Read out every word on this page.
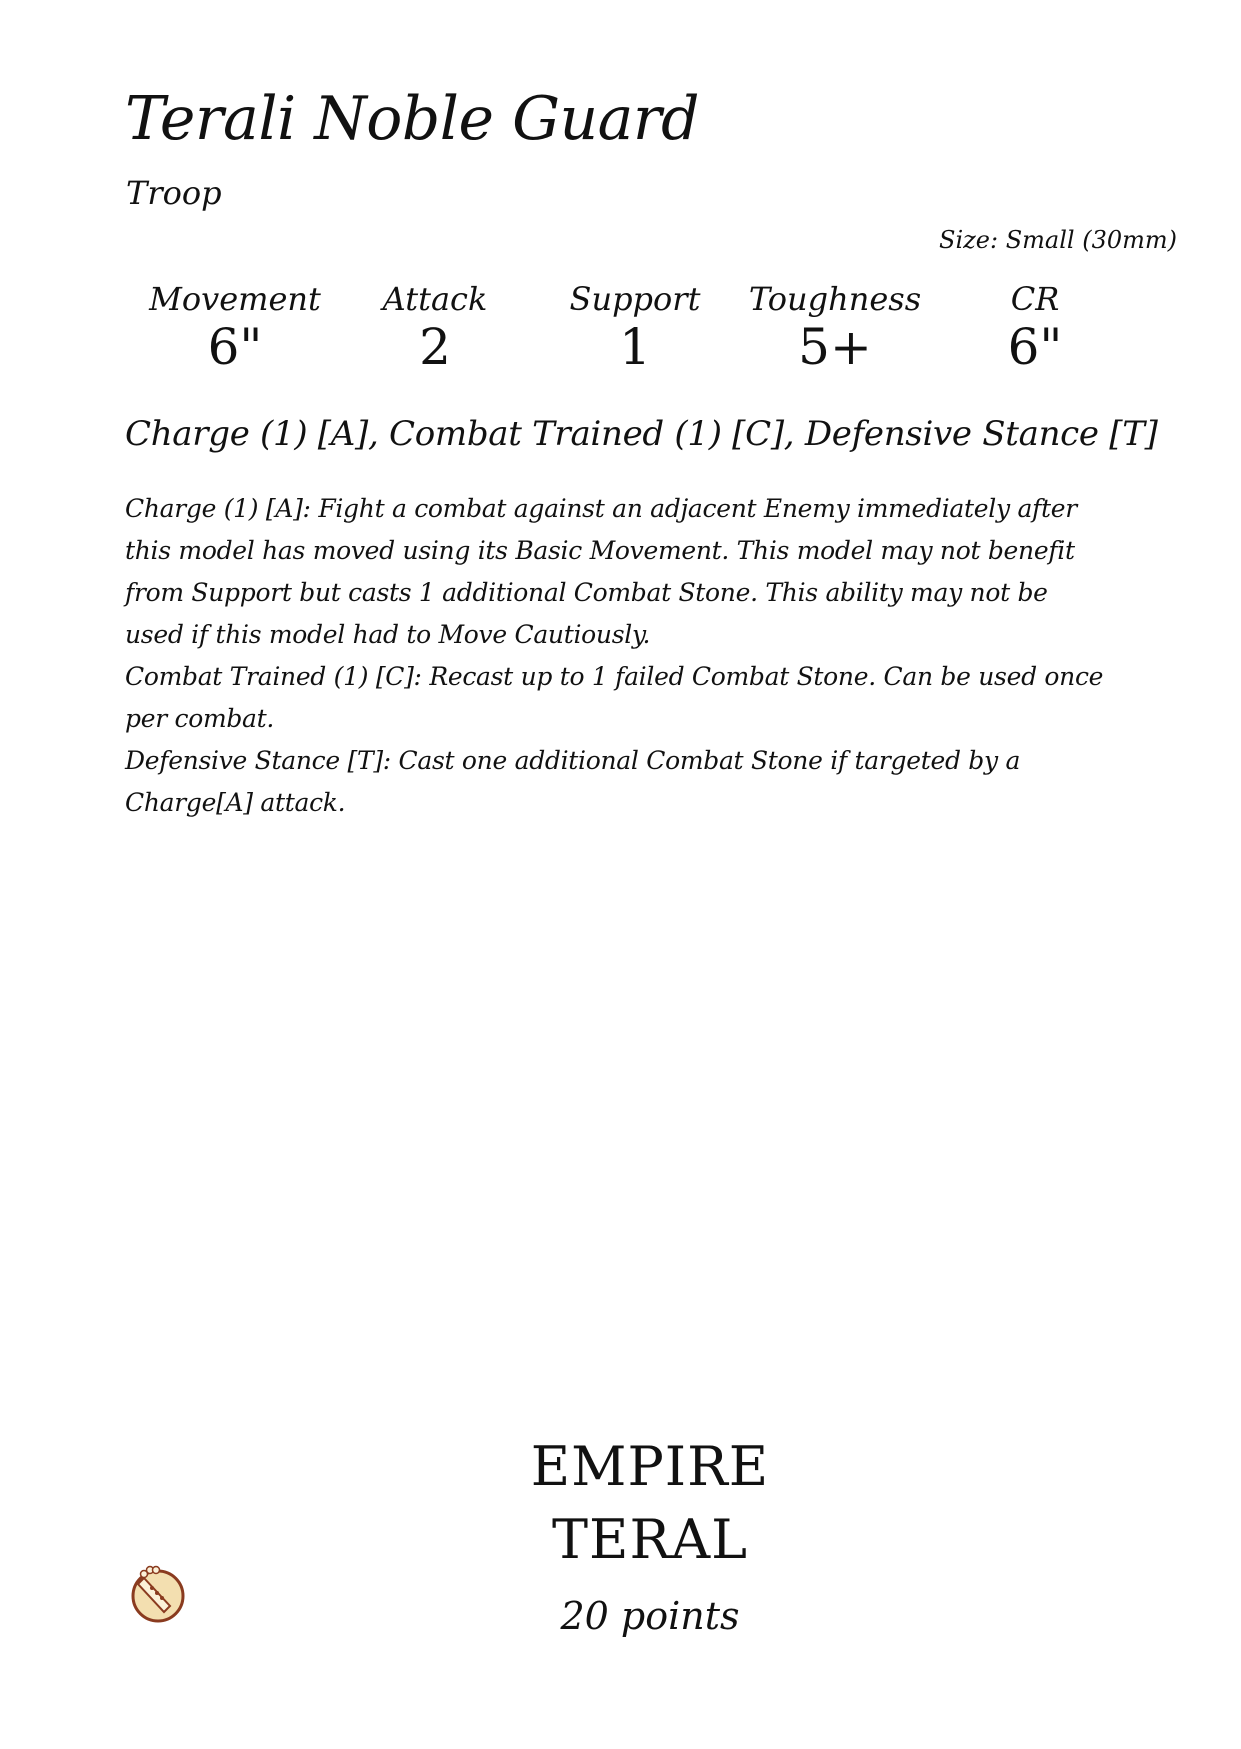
Terali Noble Guard
Troop
Size: Small (30mm)
Movement
6"
Attack
2
Support
1
Toughness
5+
CR
6"
Charge (1) [A], Combat Trained (1) [C], Defensive Stance [T]

Charge (1) [A]: Fight a combat against an adjacent Enemy immediately after this model has moved using its Basic Movement. This model may not benefit from Support but casts 1 additional Combat Stone. This ability may not be used if this model had to Move Cautiously.

Combat Trained (1) [C]: Recast up to 1 failed Combat Stone. Can be used once per combat.

Defensive Stance [T]: Cast one additional Combat Stone if targeted by a Charge[A] attack.

EMPIRE
TERAL
20 points
